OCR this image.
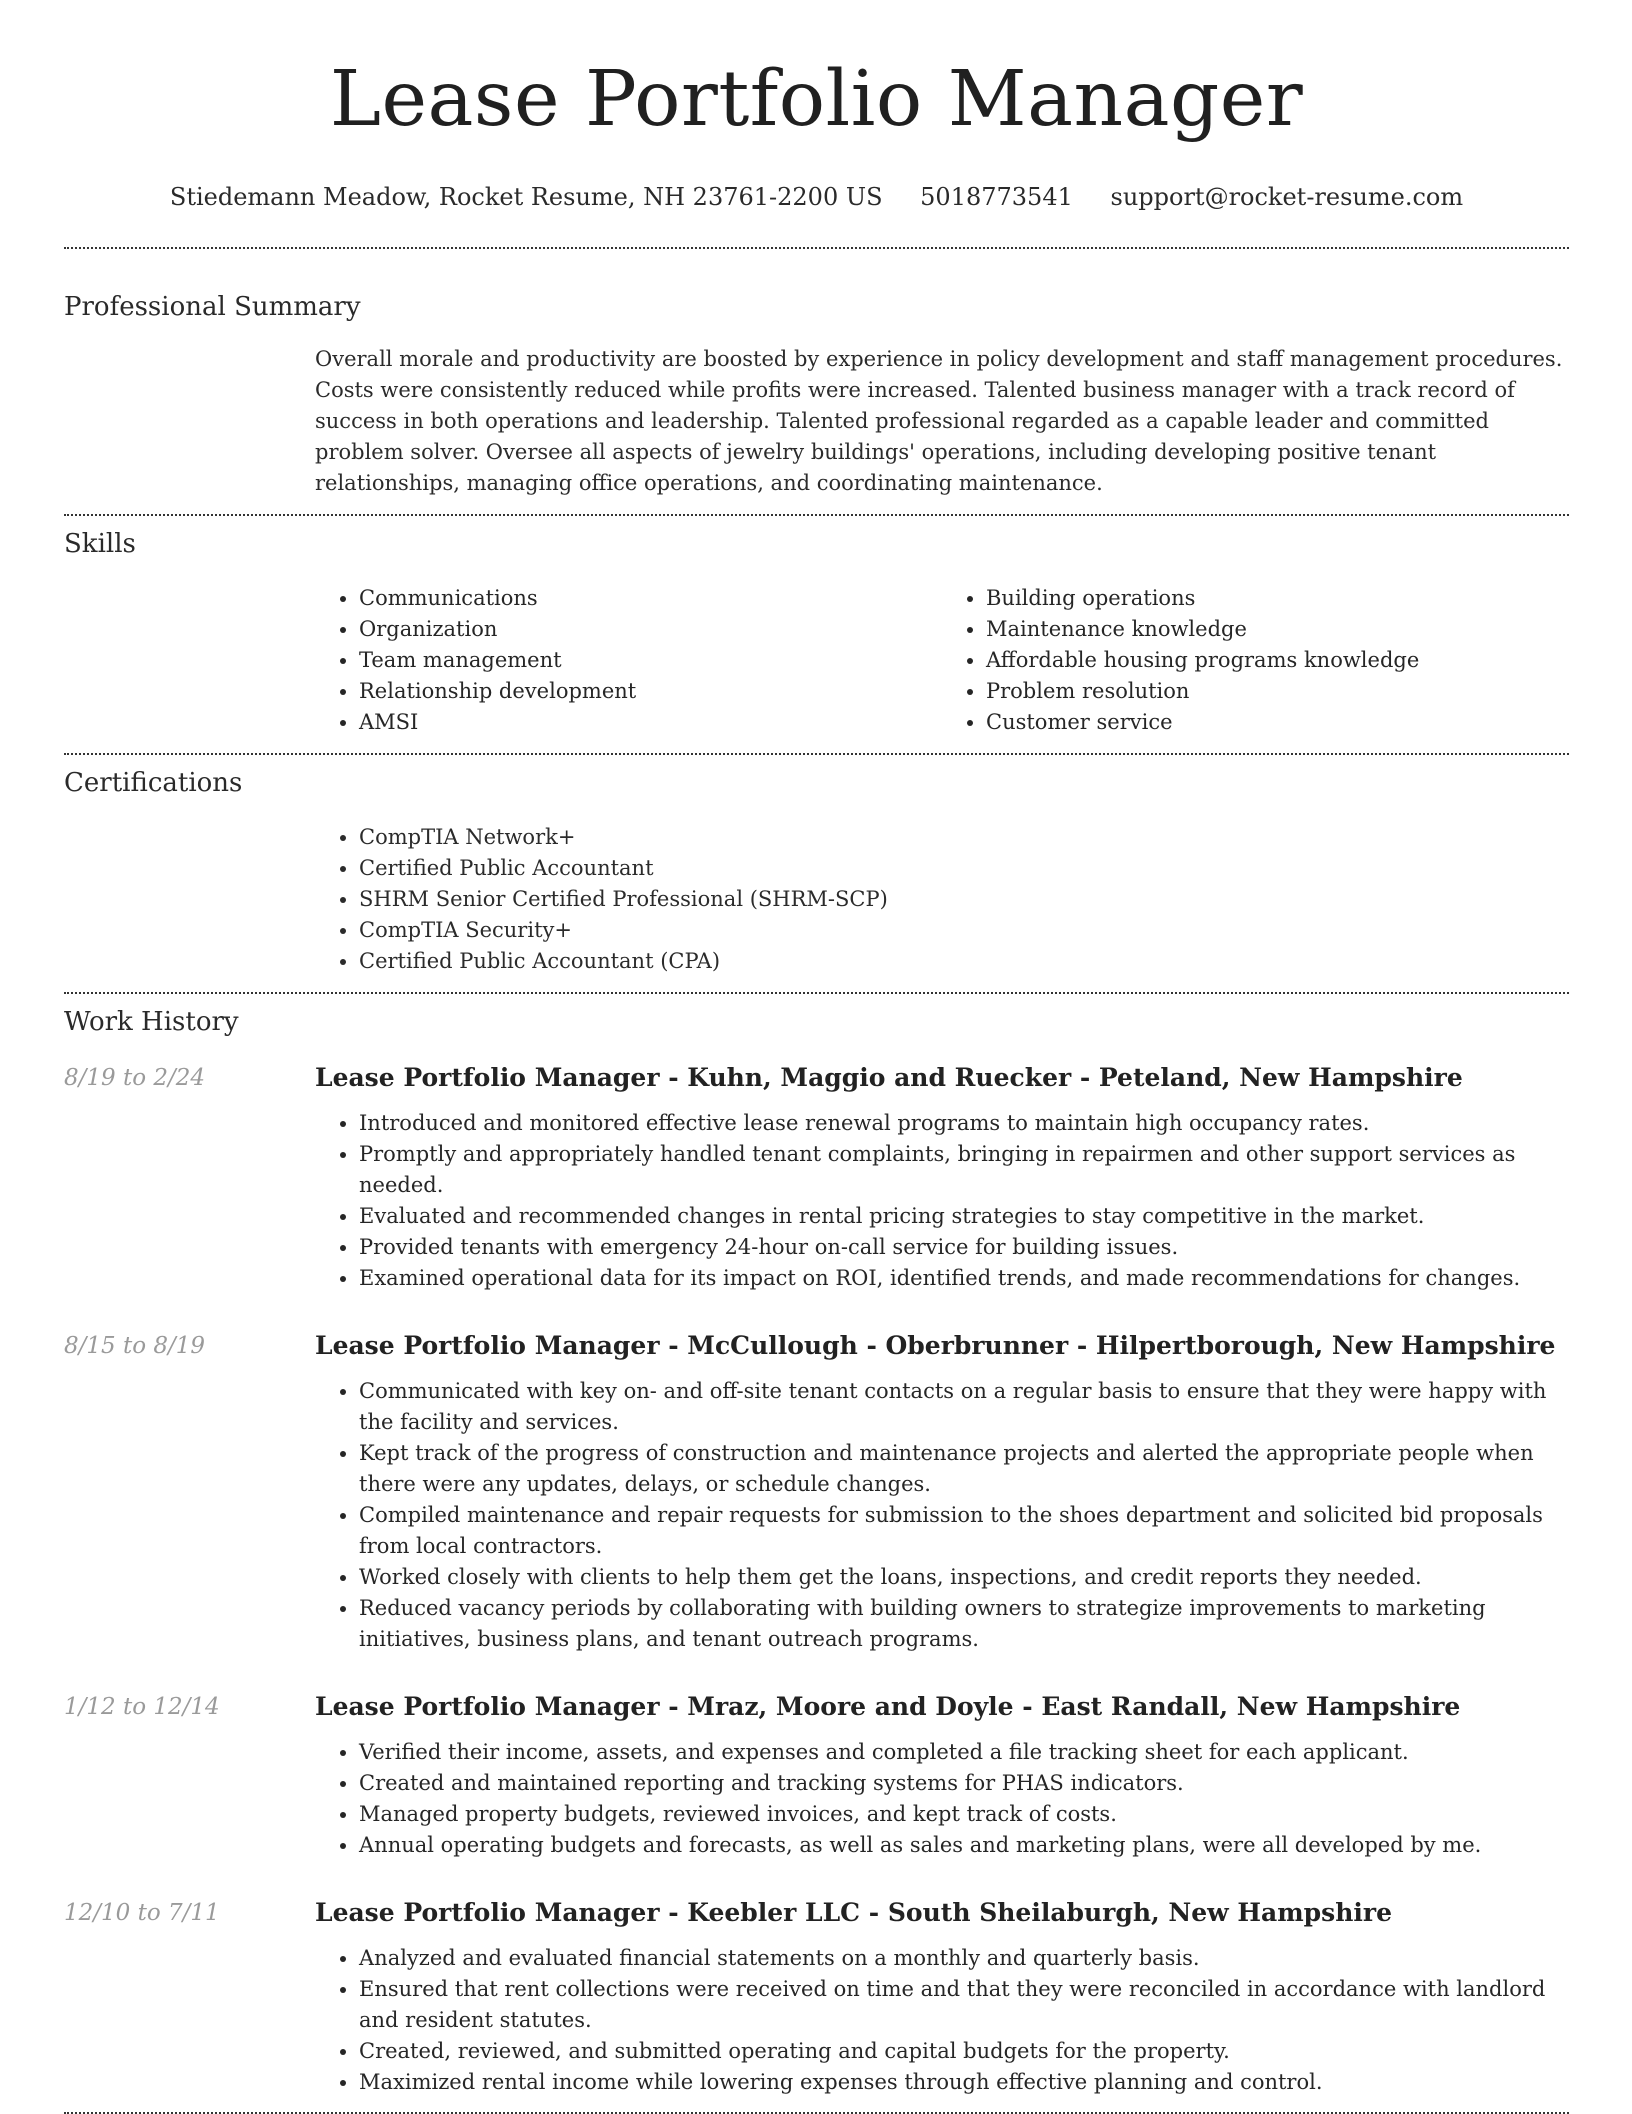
Lease Portfolio Manager
Stiedemann Meadow, Rocket Resume, NH 23761-2200 US 5018773541 support@rocket-resume.com
Professional Summary

Overall morale and productivity are boosted by experience in policy development and staff management procedures. Costs were consistently reduced while profits were increased. Talented business manager with a track record of success in both operations and leadership. Talented professional regarded as a capable leader and committed problem solver. Oversee all aspects of jewelry buildings' operations, including developing positive tenant relationships, managing office operations, and coordinating maintenance.

Skills
• Communications
• Organization
• Team management
• Relationship development
• AMSI
• Building operations
• Maintenance knowledge
• Affordable housing programs knowledge
• Problem resolution
• Customer service
Certifications
• CompTIA Network+
• Certified Public Accountant
• SHRM Senior Certified Professional (SHRM-SCP)
• CompTIA Security+
• Certified Public Accountant (CPA)
Work History
8/19 to 2/24	Lease Portfolio Manager - Kuhn, Maggio and Ruecker - Peteland, New Hampshire
• Introduced and monitored effective lease renewal programs to maintain high occupancy rates.
• Promptly and appropriately handled tenant complaints, bringing in repairmen and other support services as needed.
• Evaluated and recommended changes in rental pricing strategies to stay competitive in the market.
• Provided tenants with emergency 24-hour on-call service for building issues.
• Examined operational data for its impact on ROI, identified trends, and made recommendations for changes.
8/15 to 8/19	Lease Portfolio Manager - McCullough - Oberbrunner - Hilpertborough, New Hampshire
• Communicated with key on- and off-site tenant contacts on a regular basis to ensure that they were happy with the facility and services.
• Kept track of the progress of construction and maintenance projects and alerted the appropriate people when there were any updates, delays, or schedule changes.
• Compiled maintenance and repair requests for submission to the shoes department and solicited bid proposals from local contractors.
• Worked closely with clients to help them get the loans, inspections, and credit reports they needed.
• Reduced vacancy periods by collaborating with building owners to strategize improvements to marketing initiatives, business plans, and tenant outreach programs.
1/12 to 12/14	Lease Portfolio Manager - Mraz, Moore and Doyle - East Randall, New Hampshire
• Verified their income, assets, and expenses and completed a file tracking sheet for each applicant.
• Created and maintained reporting and tracking systems for PHAS indicators.
• Managed property budgets, reviewed invoices, and kept track of costs.
• Annual operating budgets and forecasts, as well as sales and marketing plans, were all developed by me.
12/10 to 7/11	Lease Portfolio Manager - Keebler LLC - South Sheilaburgh, New Hampshire
• Analyzed and evaluated financial statements on a monthly and quarterly basis.
• Ensured that rent collections were received on time and that they were reconciled in accordance with landlord and resident statutes.
• Created, reviewed, and submitted operating and capital budgets for the property.
• Maximized rental income while lowering expenses through effective planning and control.
